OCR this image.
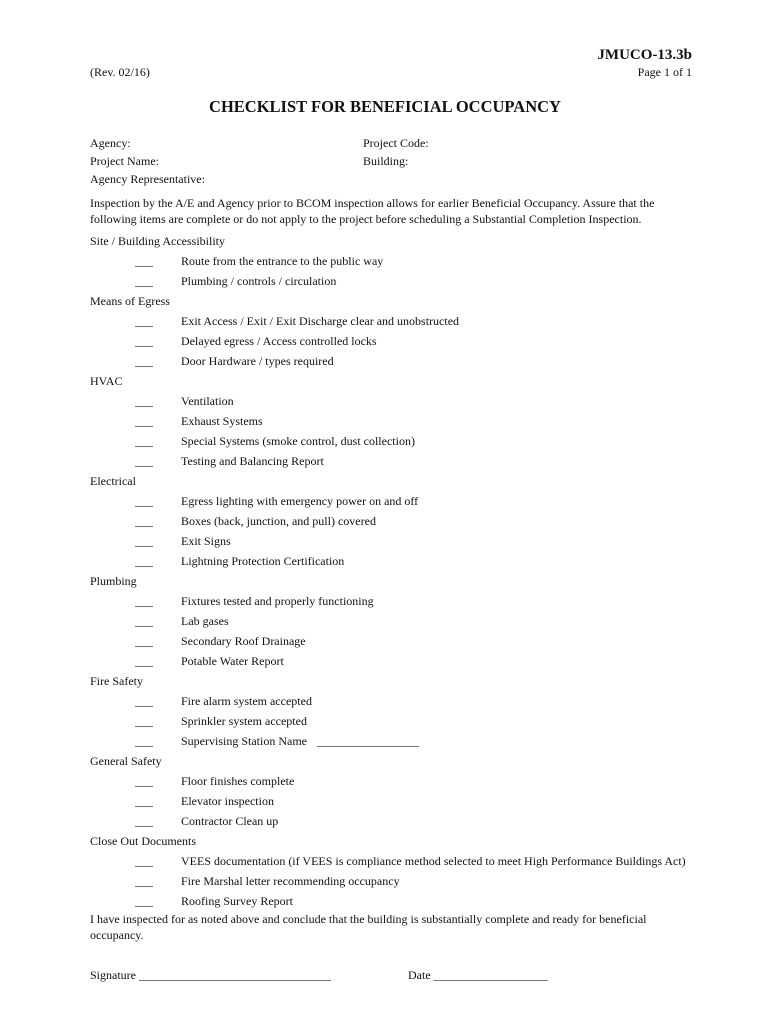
JMUCO-13.3b
(Rev. 02/16)	Page 1 of 1
CHECKLIST FOR BENEFICIAL OCCUPANCY
Agency:
Project Name:
Agency Representative:
Project Code:
Building:
Inspection by the A/E and Agency prior to BCOM inspection allows for earlier Beneficial Occupancy. Assure that the following items are complete or do not apply to the project before scheduling a Substantial Completion Inspection.
Site / Building Accessibility
___ Route from the entrance to the public way
___ Plumbing / controls / circulation
Means of Egress
___ Exit Access / Exit / Exit Discharge clear and unobstructed
___ Delayed egress / Access controlled locks
___ Door Hardware / types required
HVAC
___ Ventilation
___ Exhaust Systems
___ Special Systems (smoke control, dust collection)
___ Testing and Balancing Report
Electrical
___ Egress lighting with emergency power on and off
___ Boxes (back, junction, and pull) covered
___ Exit Signs
___ Lightning Protection Certification
Plumbing
___ Fixtures tested and properly functioning
___ Lab gases
___ Secondary Roof Drainage
___ Potable Water Report
Fire Safety
___ Fire alarm system accepted
___ Sprinkler system accepted
___ Supervising Station Name _________________
General Safety
___ Floor finishes complete
___ Elevator inspection
___ Contractor Clean up
Close Out Documents
___ VEES documentation (if VEES is compliance method selected to meet High Performance Buildings Act)
___ Fire Marshal letter recommending occupancy
___ Roofing Survey Report
I have inspected for as noted above and conclude that the building is substantially complete and ready for beneficial occupancy.
Signature ________________________________	Date ___________________
